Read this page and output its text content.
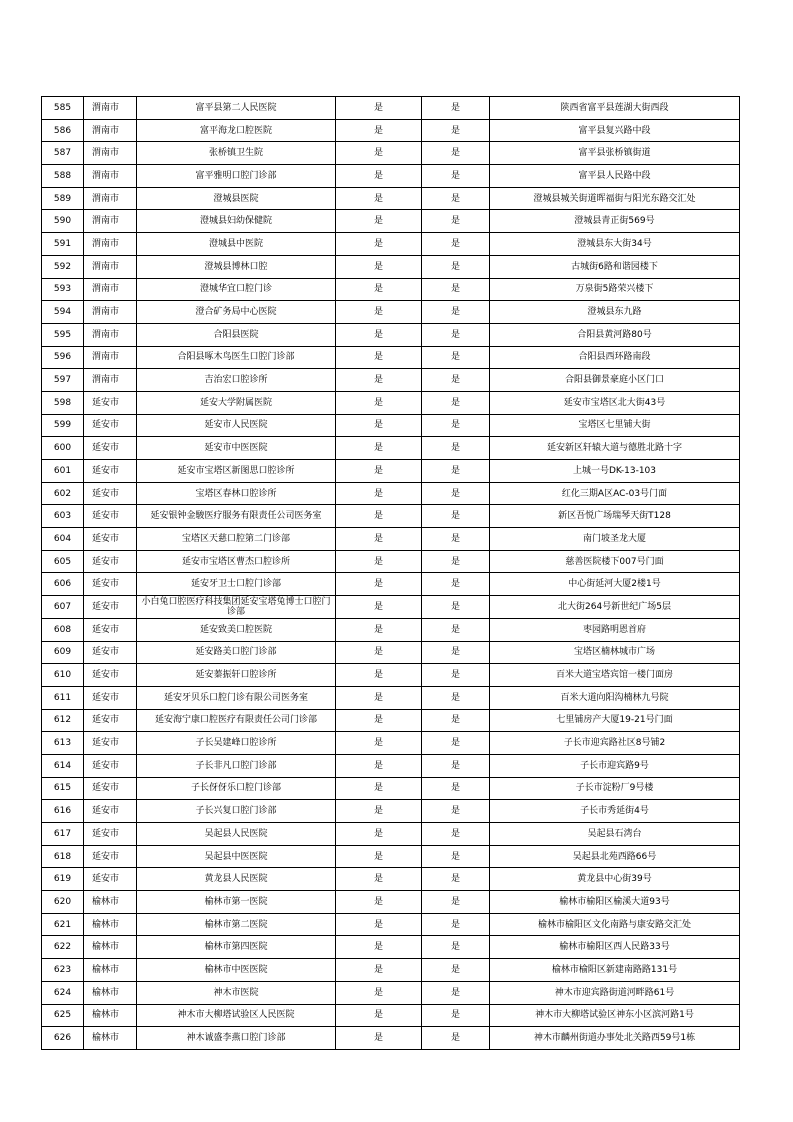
585	渭南市	富平县第二人民医院	是	是	陕西省富平县莲湖大街西段
586	渭南市	富平海龙口腔医院	是	是	富平县复兴路中段
587	渭南市	张桥镇卫生院	是	是	富平县张桥镇街道
588	渭南市	富平雅明口腔门诊部	是	是	富平县人民路中段
589	渭南市	澄城县医院	是	是	澄城县城关街道晖福街与阳光东路交汇处
590	渭南市	澄城县妇幼保健院	是	是	澄城县青正街569号
591	渭南市	澄城县中医院	是	是	澄城县东大街34号
592	渭南市	澄城县博林口腔	是	是	古城街6路和谐园楼下
593	渭南市	澄城华宜口腔门诊	是	是	万泉街5路荣兴楼下
594	渭南市	澄合矿务局中心医院	是	是	澄城县东九路
595	渭南市	合阳县医院	是	是	合阳县黄河路80号
596	渭南市	合阳县啄木鸟医生口腔门诊部	是	是	合阳县西环路南段
597	渭南市	吉治宏口腔诊所	是	是	合阳县御景豪庭小区门口
598	延安市	延安大学附属医院	是	是	延安市宝塔区北大街43号
599	延安市	延安市人民医院	是	是	宝塔区七里铺大街
600	延安市	延安市中医医院	是	是	延安新区轩辕大道与德胜北路十字
601	延安市	延安市宝塔区新图思口腔诊所	是	是	上城一号DK-13-103
602	延安市	宝塔区春林口腔诊所	是	是	红化三期A区AC-03号门面
603	延安市	延安银钟金駿医疗服务有限责任公司医务室	是	是	新区吾悦广场瑞琴天街T128
604	延安市	宝塔区天慈口腔第二门诊部	是	是	南门坡圣龙大厦
605	延安市	延安市宝塔区曹杰口腔诊所	是	是	慈善医院楼下007号门面
606	延安市	延安牙卫士口腔门诊部	是	是	中心街延河大厦2楼1号
607	延安市	小白兔口腔医疗科技集团延安宝塔兔博士口腔门诊部	是	是	北大街264号新世纪广场5层
608	延安市	延安致美口腔医院	是	是	枣园路明恩首府
609	延安市	延安路美口腔门诊部	是	是	宝塔区楠林城市广场
610	延安市	延安蓁振轩口腔诊所	是	是	百米大道宝塔宾馆一楼门面房
611	延安市	延安牙贝乐口腔门诊有限公司医务室	是	是	百米大道向阳沟楠林九号院
612	延安市	延安海宁康口腔医疗有限责任公司门诊部	是	是	七里铺房产大厦19-21号门面
613	延安市	子长吴建峰口腔诊所	是	是	子长市迎宾路社区8号铺2
614	延安市	子长非凡口腔门诊部	是	是	子长市迎宾路9号
615	延安市	子长伢伢乐口腔门诊部	是	是	子长市淀粉厂9号楼
616	延安市	子长兴复口腔门诊部	是	是	子长市秀延街4号
617	延安市	吴起县人民医院	是	是	吴起县石湾台
618	延安市	吴起县中医医院	是	是	吴起县北苑西路66号
619	延安市	黄龙县人民医院	是	是	黄龙县中心街39号
620	榆林市	榆林市第一医院	是	是	榆林市榆阳区榆溪大道93号
621	榆林市	榆林市第二医院	是	是	榆林市榆阳区文化南路与康安路交汇处
622	榆林市	榆林市第四医院	是	是	榆林市榆阳区西人民路33号
623	榆林市	榆林市中医医院	是	是	榆林市榆阳区新建南路路131号
624	榆林市	神木市医院	是	是	神木市迎宾路街道河畔路61号
625	榆林市	神木市大柳塔试验区人民医院	是	是	神木市大柳塔试验区神东小区滨河路1号
626	榆林市	神木诚盛李燕口腔门诊部	是	是	神木市麟州街道办事处北关路西59号1栋
